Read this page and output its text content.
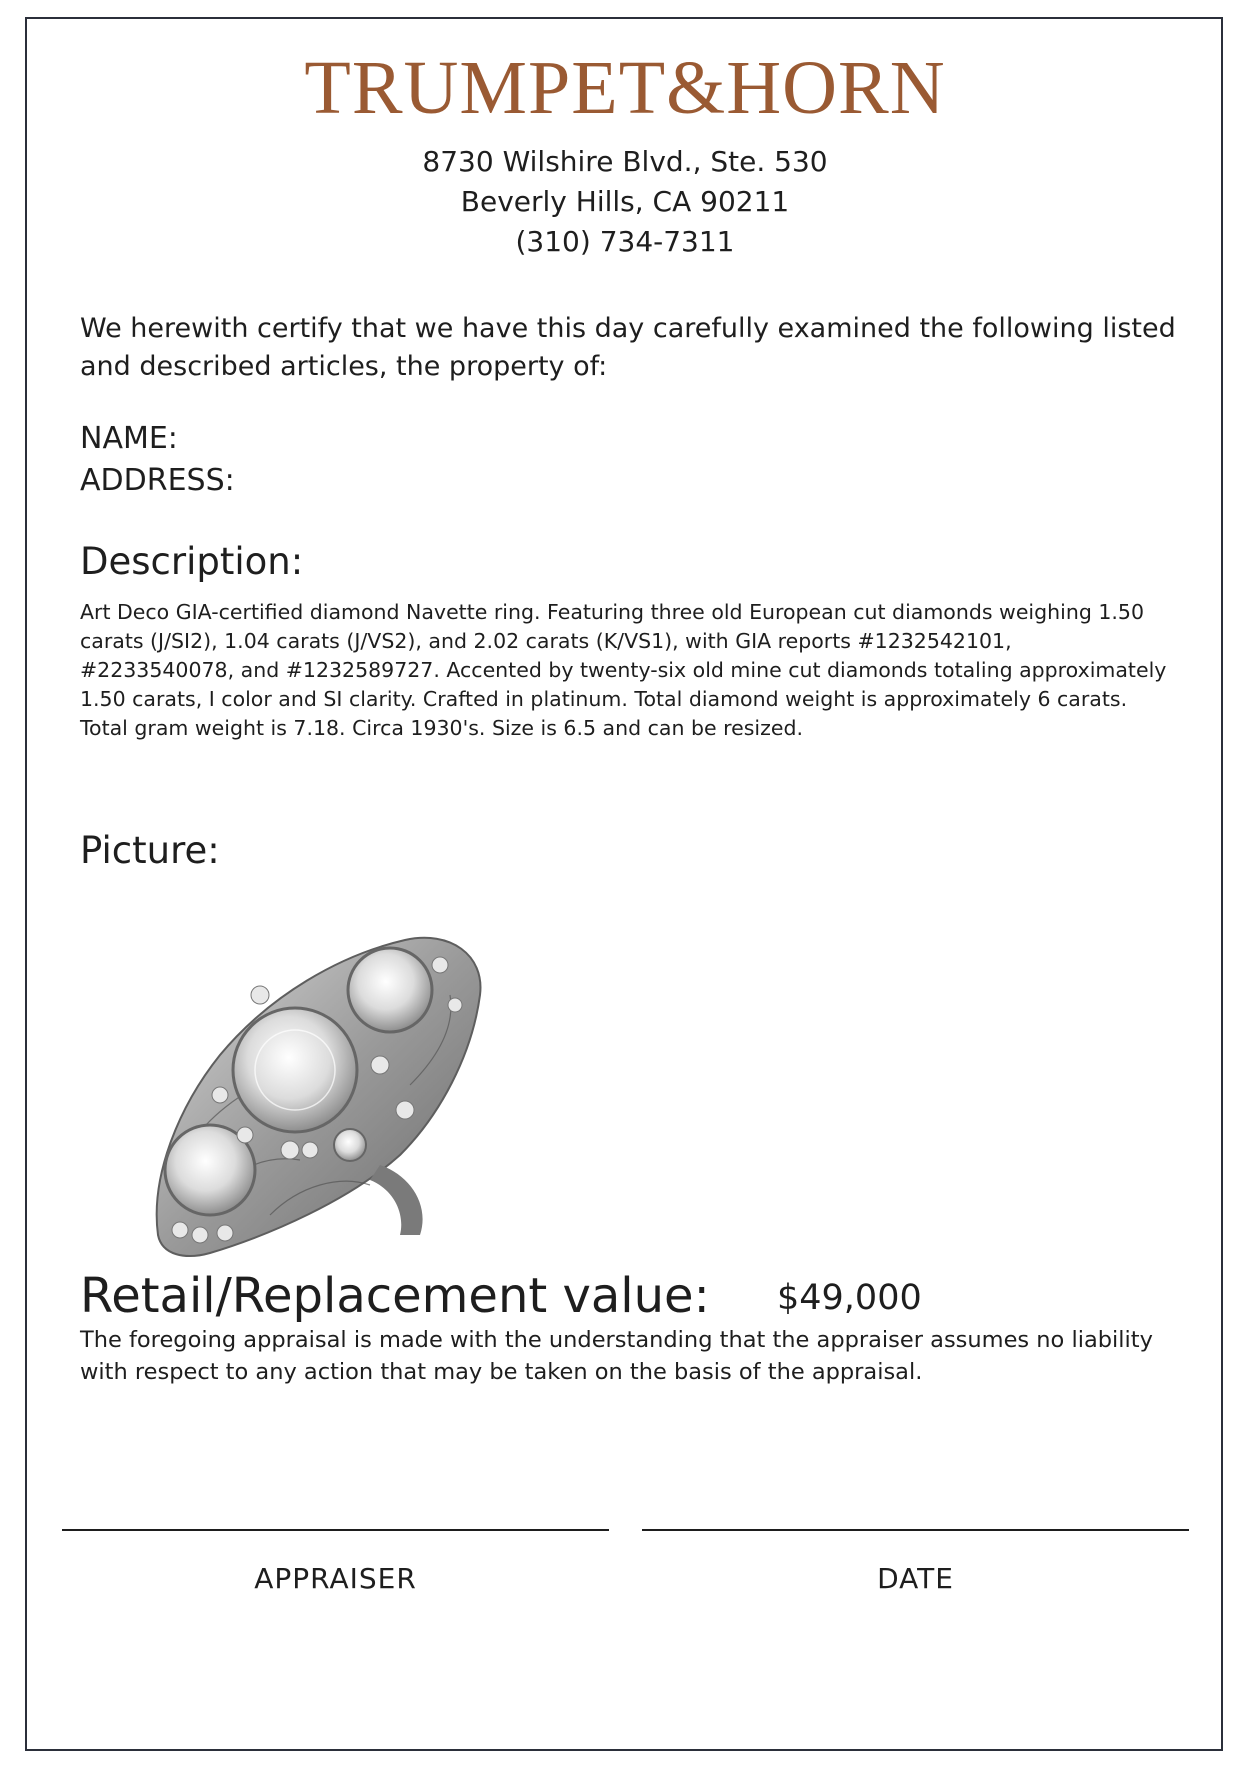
TRUMPET&HORN
8730 Wilshire Blvd., Ste. 530
Beverly Hills, CA 90211
(310) 734-7311
We herewith certify that we have this day carefully examined the following listed and described articles, the property of:
NAME:
ADDRESS:
Description:
Art Deco GIA-certified diamond Navette ring. Featuring three old European cut diamonds weighing 1.50 carats (J/SI2), 1.04 carats (J/VS2), and 2.02 carats (K/VS1), with GIA reports #1232542101, #2233540078, and #1232589727. Accented by twenty-six old mine cut diamonds totaling approximately 1.50 carats, I color and SI clarity. Crafted in platinum. Total diamond weight is approximately 6 carats. Total gram weight is 7.18. Circa 1930's. Size is 6.5 and can be resized.
Picture:
Retail/Replacement value: $49,000
The foregoing appraisal is made with the understanding that the appraiser assumes no liability with respect to any action that may be taken on the basis of the appraisal.
APPRAISER	DATE
